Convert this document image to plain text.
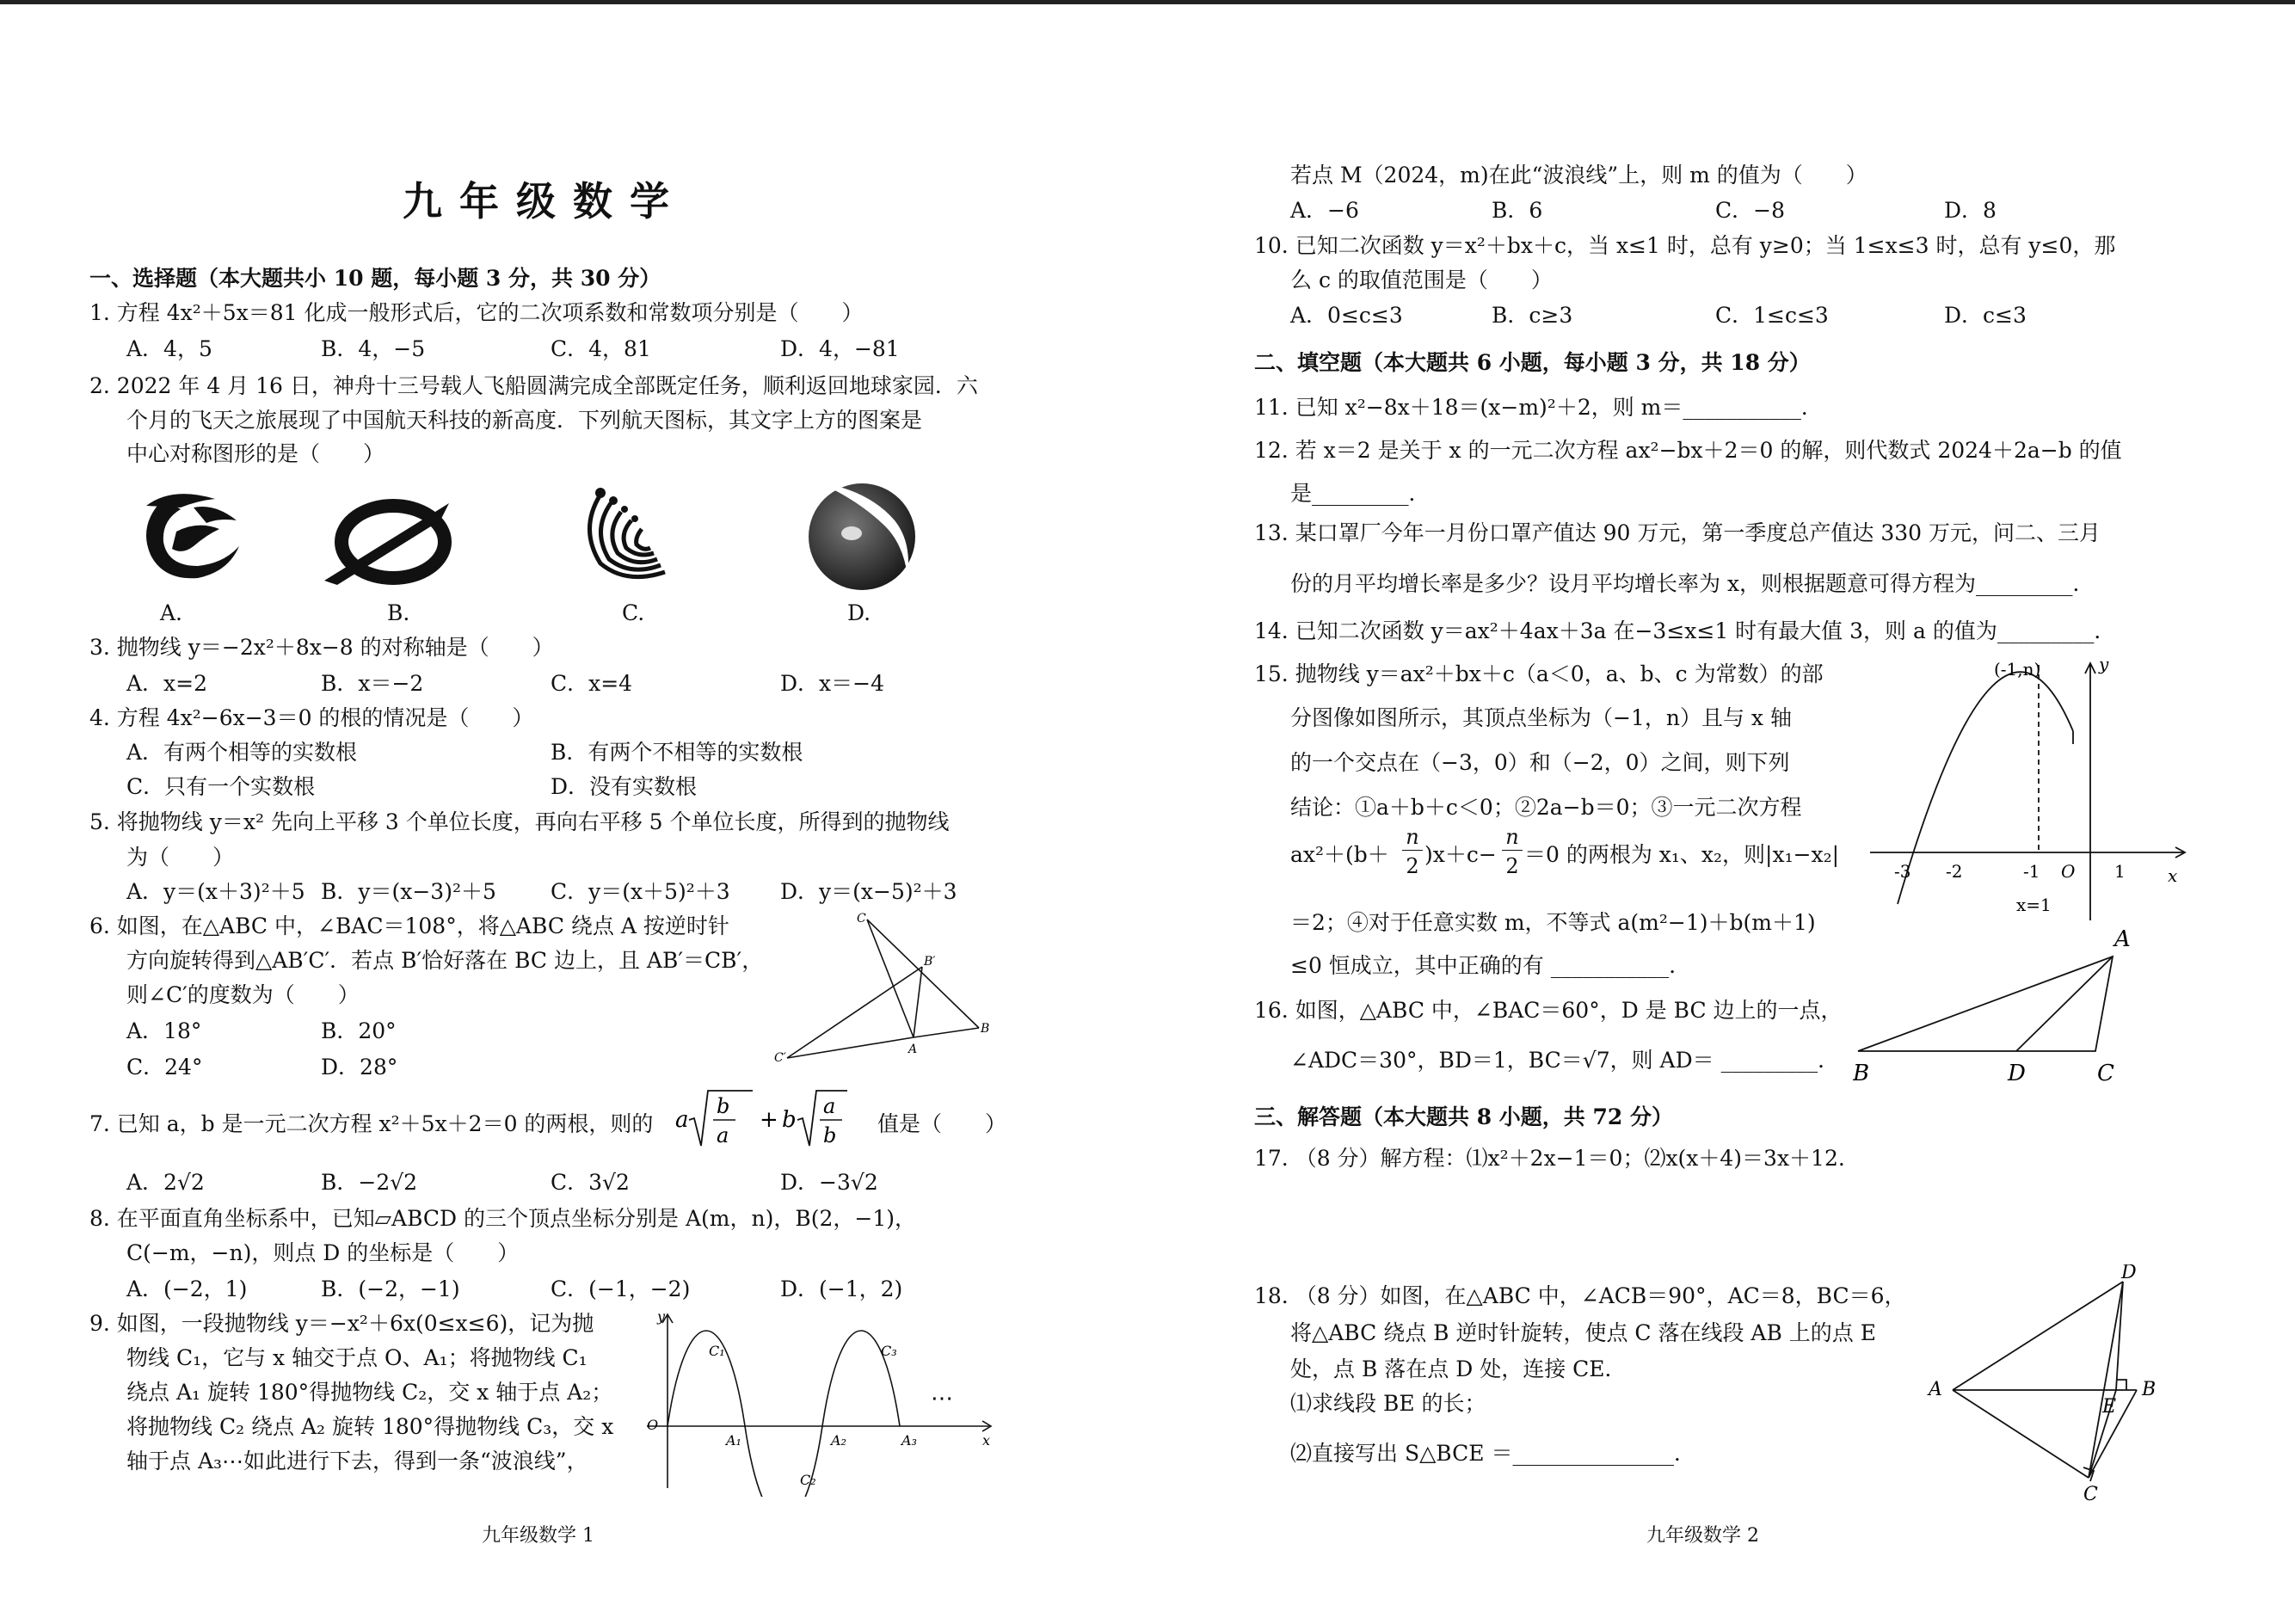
九年级数学
一、选择题（本大题共小 10 题，每小题 3 分，共 30 分）
1. 方程 4x²＋5x＝81 化成一般形式后，它的二次项系数和常数项分别是（　　）
A．4，5	B．4，−5	C．4，81	D．4，−81
2. 2022 年 4 月 16 日，神舟十三号载人飞船圆满完成全部既定任务，顺利返回地球家园．六
个月的飞天之旅展现了中国航天科技的新高度．下列航天图标，其文字上方的图案是
中心对称图形的是（　　）
A.	B.	C.	D.
3. 抛物线 y＝−2x²＋8x−8 的对称轴是（　　）
A．x=2	B．x＝−2	C．x=4	D．x＝−4
4. 方程 4x²−6x−3＝0 的根的情况是（　　）
A．有两个相等的实数根	B．有两个不相等的实数根
C．只有一个实数根	D．没有实数根
5. 将抛物线 y＝x² 先向上平移 3 个单位长度，再向右平移 5 个单位长度，所得到的抛物线
为（　　）
A．y＝(x＋3)²＋5 B．y＝(x−3)²＋5	C．y＝(x＋5)²＋3 D．y＝(x−5)²＋3
6. 如图，在△ABC 中，∠BAC＝108°，将△ABC 绕点 A 按逆时针
方向旋转得到△AB′C′．若点 B′恰好落在 BC 边上，且 AB′＝CB′，
则∠C′的度数为（　　）
A．18°	B．20°
C．24°	D．28°
C
B′
B
C′
A
7. 已知 a，b 是一元二次方程 x²＋5x＋2＝0 的两根，则的 a
b
a
+ b
a
b 值是（　　）
A．2√2	B．−2√2	C．3√2	D．−3√2
8. 在平面直角坐标系中，已知▱ABCD 的三个顶点坐标分别是 A(m，n)，B(2，−1)，
C(−m，−n)，则点 D 的坐标是（　　）
A．(−2，1)	B．(−2，−1)	C．(−1，−2)	D．(−1，2)
9. 如图，一段抛物线 y＝−x²＋6x(0≤x≤6)，记为抛
物线 C₁，它与 x 轴交于点 O、A₁；将抛物线 C₁
绕点 A₁ 旋转 180°得抛物线 C₂，交 x 轴于点 A₂；
将抛物线 C₂ 绕点 A₂ 旋转 180°得抛物线 C₃，交 x
轴于点 A₃⋯如此进行下去，得到一条“波浪线”，
y
C₁	C₃
O
A₁	A₂	A₃	x
C₂
⋯
九年级数学 1
若点 M（2024，m)在此“波浪线”上，则 m 的值为（　　）
A．−6	B．6	C．−8	D．8
10. 已知二次函数 y＝x²＋bx＋c，当 x≤1 时，总有 y≥0；当 1≤x≤3 时，总有 y≤0，那
么 c 的取值范围是（　　）
A．0≤c≤3	B．c≥3	C．1≤c≤3	D．c≤3
二、填空题（本大题共 6 小题，每小题 3 分，共 18 分）
11. 已知 x²−8x＋18＝(x−m)²＋2，则 m＝___________．
12. 若 x＝2 是关于 x 的一元二次方程 ax²−bx＋2＝0 的解，则代数式 2024＋2a−b 的值
是_________．
13. 某口罩厂今年一月份口罩产值达 90 万元，第一季度总产值达 330 万元，问二、三月
份的月平均增长率是多少？设月平均增长率为 x，则根据题意可得方程为_________．
14. 已知二次函数 y＝ax²＋4ax＋3a 在−3≤x≤1 时有最大值 3，则 a 的值为_________．
15. 抛物线 y＝ax²＋bx＋c（a＜0，a、b、c 为常数）的部
分图像如图所示，其顶点坐标为（−1，n）且与 x 轴
的一个交点在（−3，0）和（−2，0）之间，则下列
结论：①a＋b＋c＜0；②2a−b＝0；③一元二次方程
ax²＋(b＋
n
2 )x＋c−
n
2 ＝0 的两根为 x₁、x₂，则|x₁−x₂|
＝2；④对于任意实数 m，不等式 a(m²−1)＋b(m＋1)
≤0 恒成立，其中正确的有 ___________．
(-1,n)	y
-3 -2	-1 O 1 x
x=1
16. 如图，△ABC 中，∠BAC＝60°，D 是 BC 边上的一点，
∠ADC＝30°，BD＝1，BC＝√7，则 AD＝ _________．
A
B	D	C
三、解答题（本大题共 8 小题，共 72 分）
17. （8 分）解方程：⑴x²＋2x−1＝0；⑵x(x＋4)＝3x＋12.
18. （8 分）如图，在△ABC 中，∠ACB＝90°，AC＝8，BC＝6，
将△ABC 绕点 B 逆时针旋转，使点 C 落在线段 AB 上的点 E
处，点 B 落在点 D 处，连接 CE．
⑴求线段 BE 的长；
⑵直接写出 S△BCE ＝_______________．
D
A
E
B
C
九年级数学 2
